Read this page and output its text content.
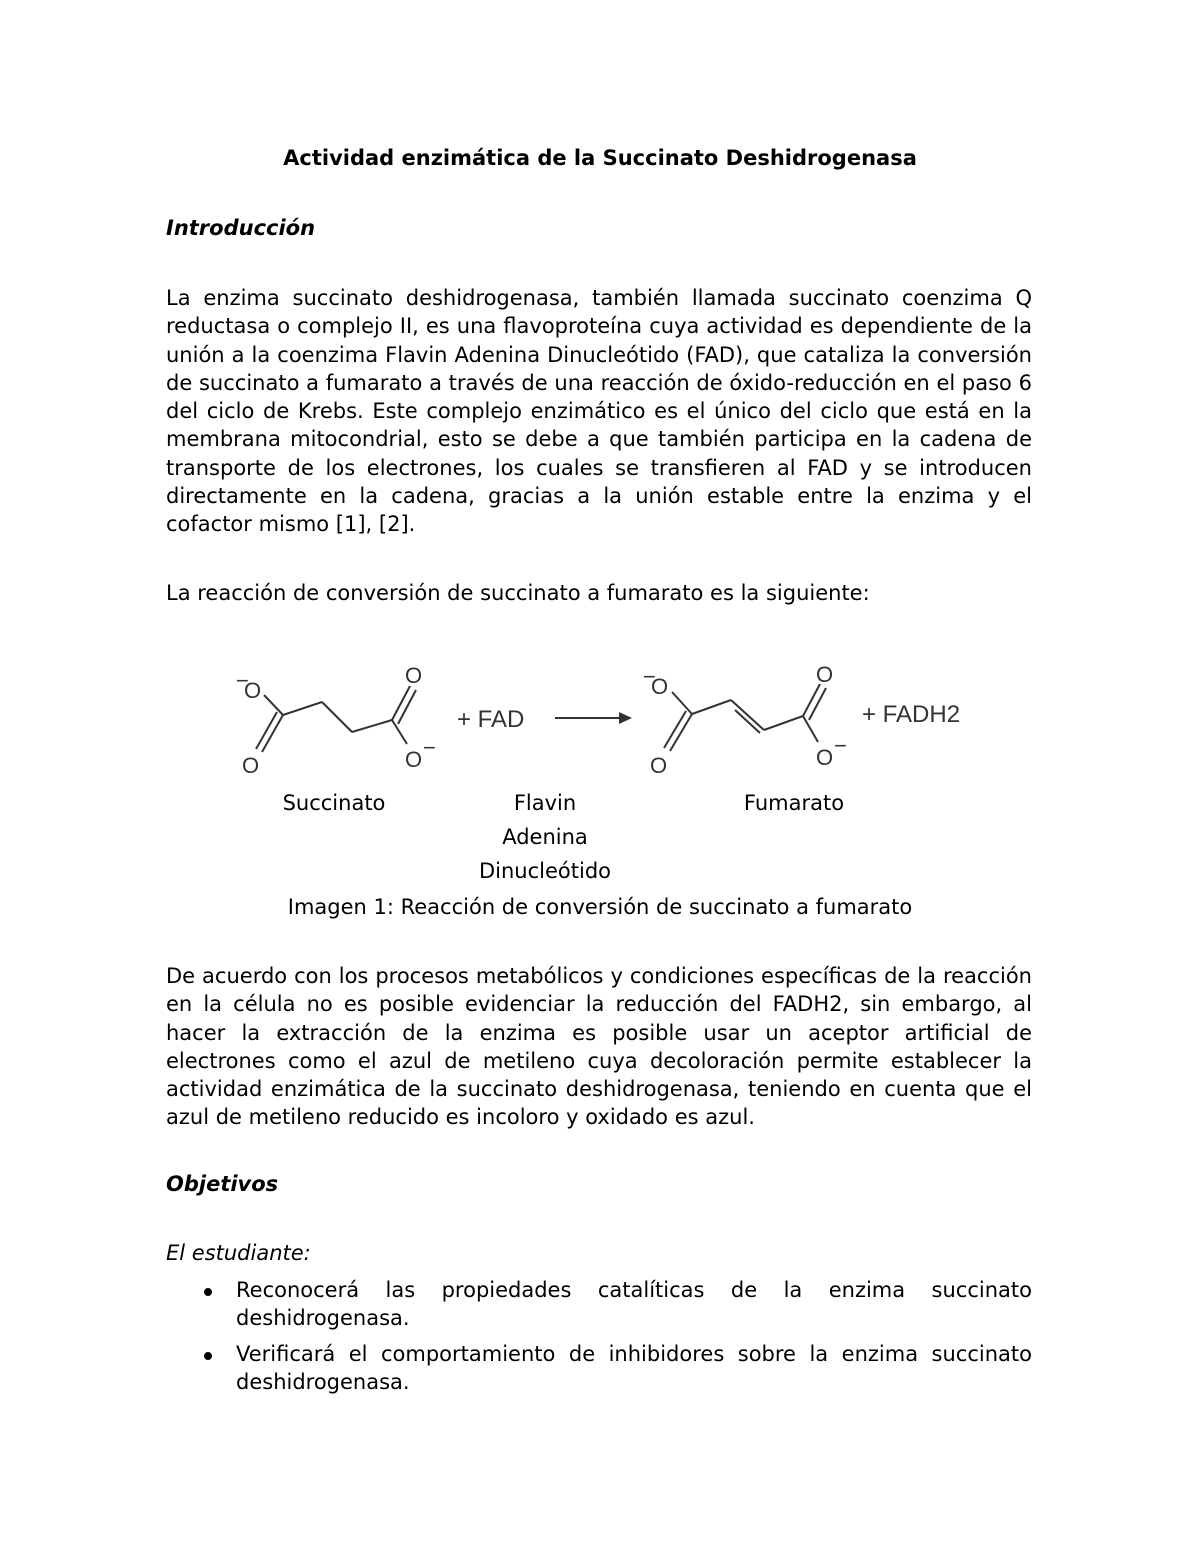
Actividad enzimática de la Succinato Deshidrogenasa
Introducción
La enzima succinato deshidrogenasa, también llamada succinato coenzima Q reductasa o complejo II, es una flavoproteína cuya actividad es dependiente de la unión a la coenzima Flavin Adenina Dinucleótido (FAD), que cataliza la conversión de succinato a fumarato a través de una reacción de óxido-reducción en el paso 6 del ciclo de Krebs. Este complejo enzimático es el único del ciclo que está en la membrana mitocondrial, esto se debe a que también participa en la cadena de transporte de los electrones, los cuales se transfieren al FAD y se introducen directamente en la cadena, gracias a la unión estable entre la enzima y el cofactor mismo [1], [2].
La reacción de conversión de succinato a fumarato es la siguiente:
−
O
O
O
O −
−
O
O
O
O −
+ FAD	+ FADH2
Succinato	Flavin
Adenina
Dinucleótido
Fumarato
Imagen 1: Reacción de conversión de succinato a fumarato
De acuerdo con los procesos metabólicos y condiciones específicas de la reacción en la célula no es posible evidenciar la reducción del FADH2, sin embargo, al hacer la extracción de la enzima es posible usar un aceptor artificial de electrones como el azul de metileno cuya decoloración permite establecer la actividad enzimática de la succinato deshidrogenasa, teniendo en cuenta que el azul de metileno reducido es incoloro y oxidado es azul.
Objetivos
El estudiante:
Reconocerá las propiedades catalíticas de la enzima succinato deshidrogenasa.
Verificará el comportamiento de inhibidores sobre la enzima succinato deshidrogenasa.
